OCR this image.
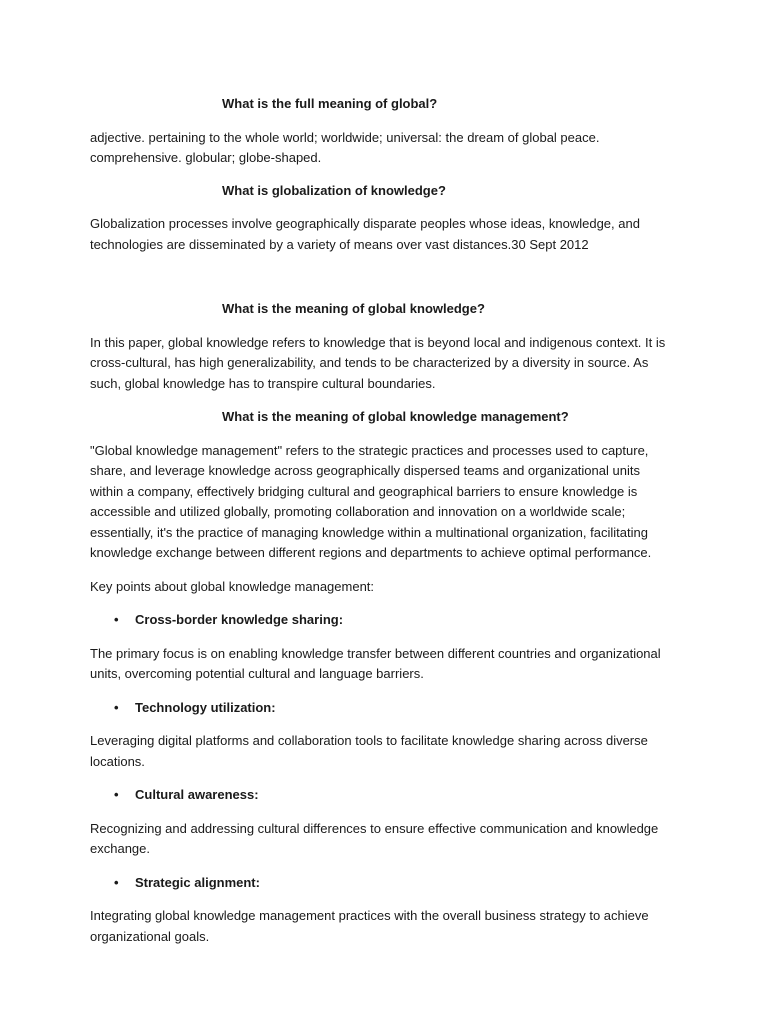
What is the full meaning of global?

adjective. pertaining to the whole world; worldwide; universal: the dream of global peace.
comprehensive. globular; globe-shaped.

What is globalization of knowledge?

Globalization processes involve geographically disparate peoples whose ideas, knowledge, and technologies are disseminated by a variety of means over vast distances.30 Sept 2012

What is the meaning of global knowledge?

In this paper, global knowledge refers to knowledge that is beyond local and indigenous context. It is cross-cultural, has high generalizability, and tends to be characterized by a diversity in source. As such, global knowledge has to transpire cultural boundaries.

What is the meaning of global knowledge management?

"Global knowledge management" refers to the strategic practices and processes used to capture, share, and leverage knowledge across geographically dispersed teams and organizational units within a company, effectively bridging cultural and geographical barriers to ensure knowledge is accessible and utilized globally, promoting collaboration and innovation on a worldwide scale; essentially, it's the practice of managing knowledge within a multinational organization, facilitating knowledge exchange between different regions and departments to achieve optimal performance.

Key points about global knowledge management:

•	Cross-border knowledge sharing:

The primary focus is on enabling knowledge transfer between different countries and organizational units, overcoming potential cultural and language barriers.

•	Technology utilization:

Leveraging digital platforms and collaboration tools to facilitate knowledge sharing across diverse locations.

•	Cultural awareness:

Recognizing and addressing cultural differences to ensure effective communication and knowledge exchange.

•	Strategic alignment:

Integrating global knowledge management practices with the overall business strategy to achieve organizational goals.
